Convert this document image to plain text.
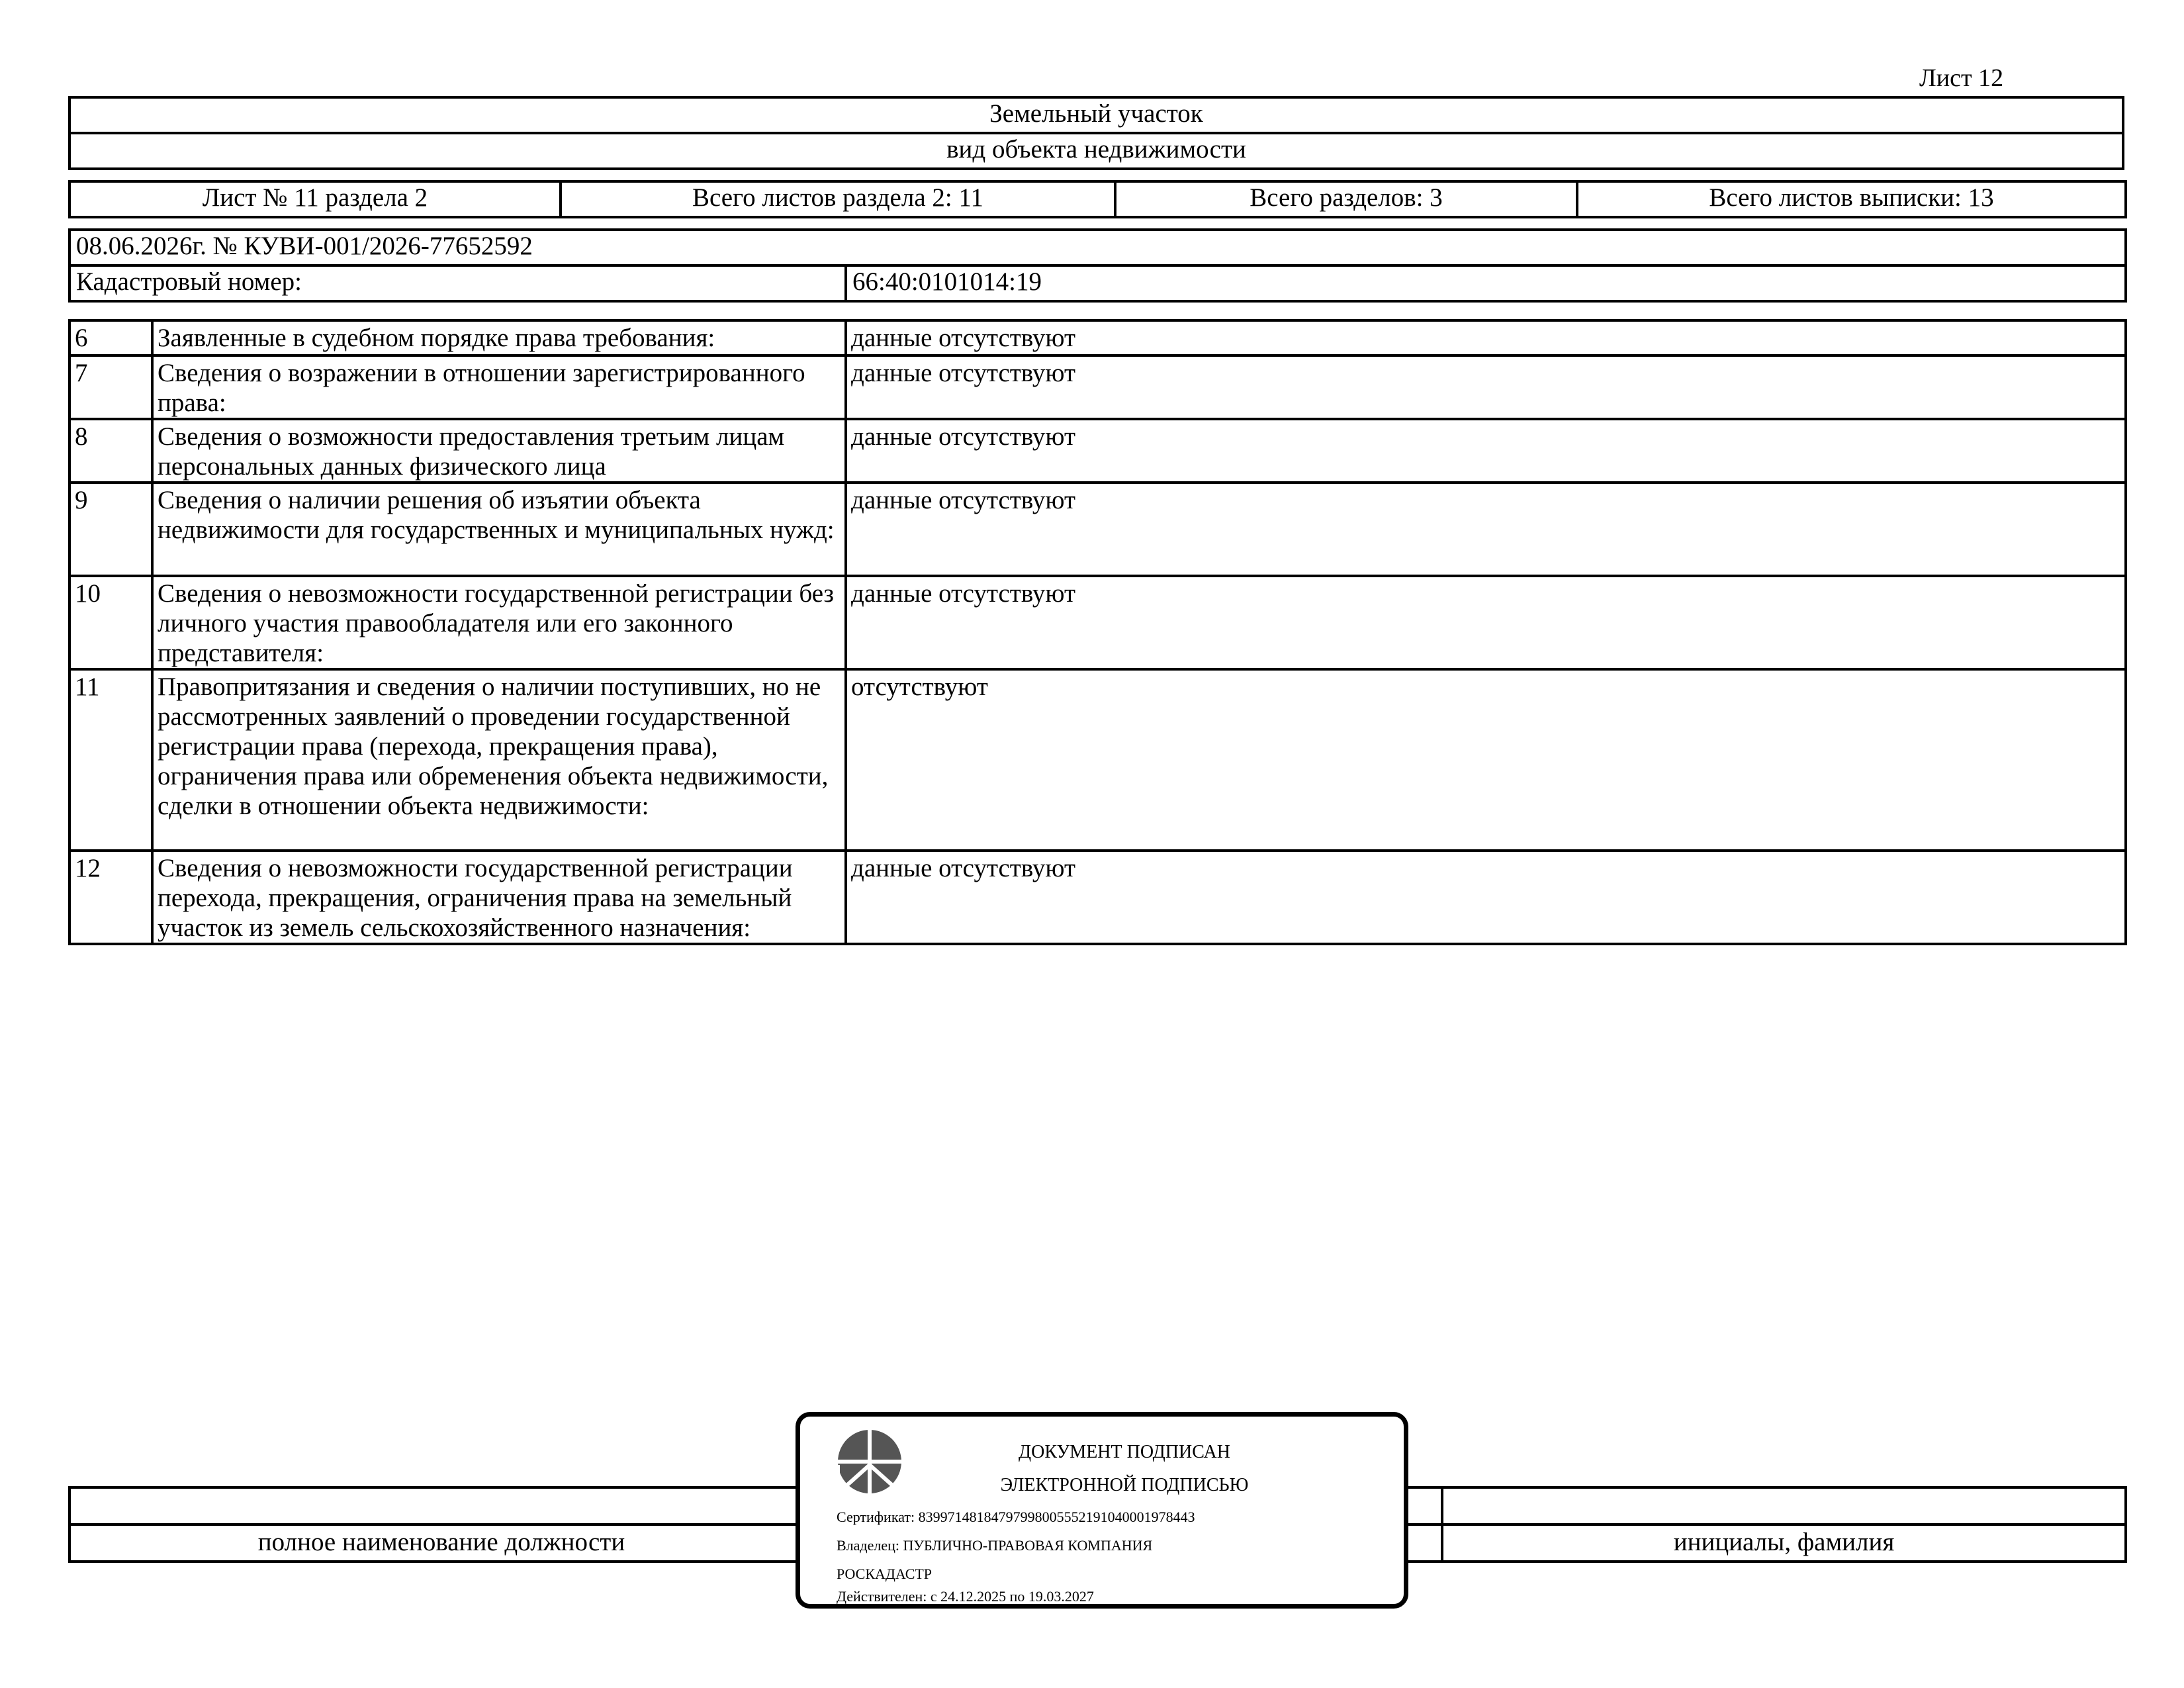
Лист 12
Земельный участок
вид объекта недвижимости
Лист № 11 раздела 2	Всего листов раздела 2: 11	Всего разделов: 3	Всего листов выписки: 13
08.06.2026г. № КУВИ-001/2026-77652592
Кадастровый номер:	66:40:0101014:19
6	Заявленные в судебном порядке права требования:	данные отсутствуют
7	Сведения о возражении в отношении зарегистрированного права:	данные отсутствуют
8	Сведения о возможности предоставления третьим лицам персональных данных физического лица	данные отсутствуют
9	Сведения о наличии решения об изъятии объекта недвижимости для государственных и муниципальных нужд:	данные отсутствуют
10	Сведения о невозможности государственной регистрации без личного участия правообладателя или его законного представителя:	данные отсутствуют
11	Правопритязания и сведения о наличии поступивших, но не рассмотренных заявлений о проведении государственной регистрации права (перехода, прекращения права), ограничения права или обременения объекта недвижимости, сделки в отношении объекта недвижимости:	отсутствуют
12	Сведения о невозможности государственной регистрации перехода, прекращения, ограничения права на земельный участок из земель сельскохозяйственного назначения:	данные отсутствуют

полное наименование должности	инициалы, фамилия
ДОКУМЕНТ ПОДПИСАН
ЭЛЕКТРОННОЙ ПОДПИСЬЮ
Сертификат: 8399714818479799800555219104000197844З
Владелец: ПУБЛИЧНО-ПРАВОВАЯ КОМПАНИЯ
РОСКАДАСТР
Действителен: с 24.12.2025 по 19.03.2027
